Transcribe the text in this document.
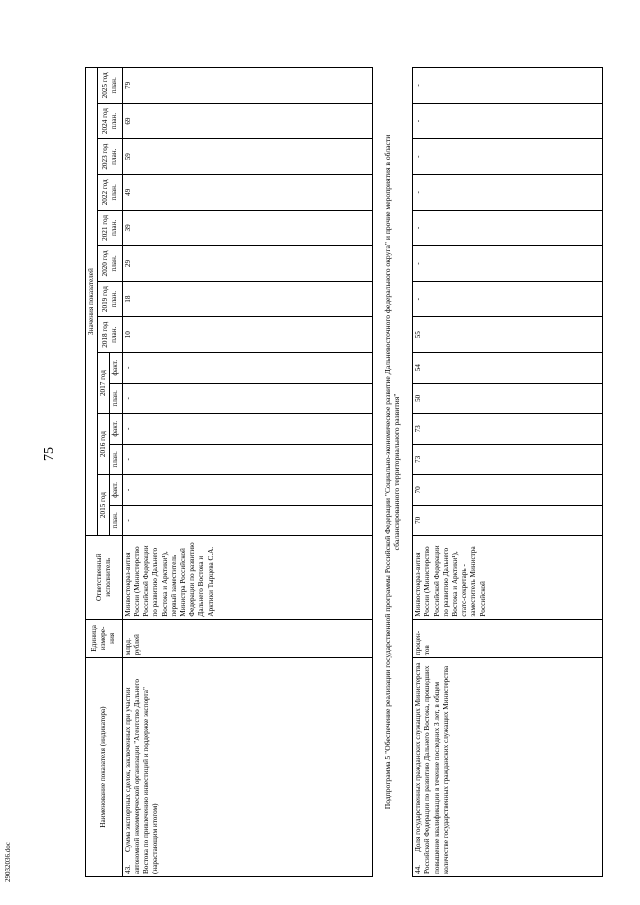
75
29032036.doc
Наименование показателя (индикатора)	Единица измере-ния	Ответственный исполнитель	Значения показателей													
			2015 год		2016 год		2017 год		2018 год план.	2019 год план.	2020 год план.	2021 год план.	2022 год план.	2023 год план.	2024 год план.	2025 год план.
			план.	факт.	план.	факт.	план.	факт.								
43.Сумма экспортных сделок, заключенных при участии автономной некоммерческой организации "Агентство Дальнего Востока по привлечению инвестиций и поддержке экспорта" (нарастающим итогом)	млрд. рублей	Минвостокраз-вития России (Министерство Российской Федерации по развитию Дальнего Востока и Арктики¹), первый заместитель Министра Российской Федерации по развитию Дальнего Востока и Арктики Тырцева С.А.	-	-	-	-	-	-	10	18	29	39	49	59	69	79
Подпрограмма 5 "Обеспечение реализации государственной программы Российской Федерации "Социально-экономическое развитие Дальневосточного федерального округа" и прочие мероприятия в области сбалансированного территориального развития"																
44.Доля государственных гражданских служащих Министерства Российской Федерации по развитию Дальнего Востока, прошедших повышение квалификации в течение последних 3 лет, в общем количестве государственных гражданских служащих Министерства	процен-тов	Минвостокраз-вития России (Министерство Российской Федерации по развитию Дальнего Востока и Арктики¹), статс-секретарь - заместитель Министра Российской	70	70	73	73	50	54	55	-	-	-	-	-	-	-
